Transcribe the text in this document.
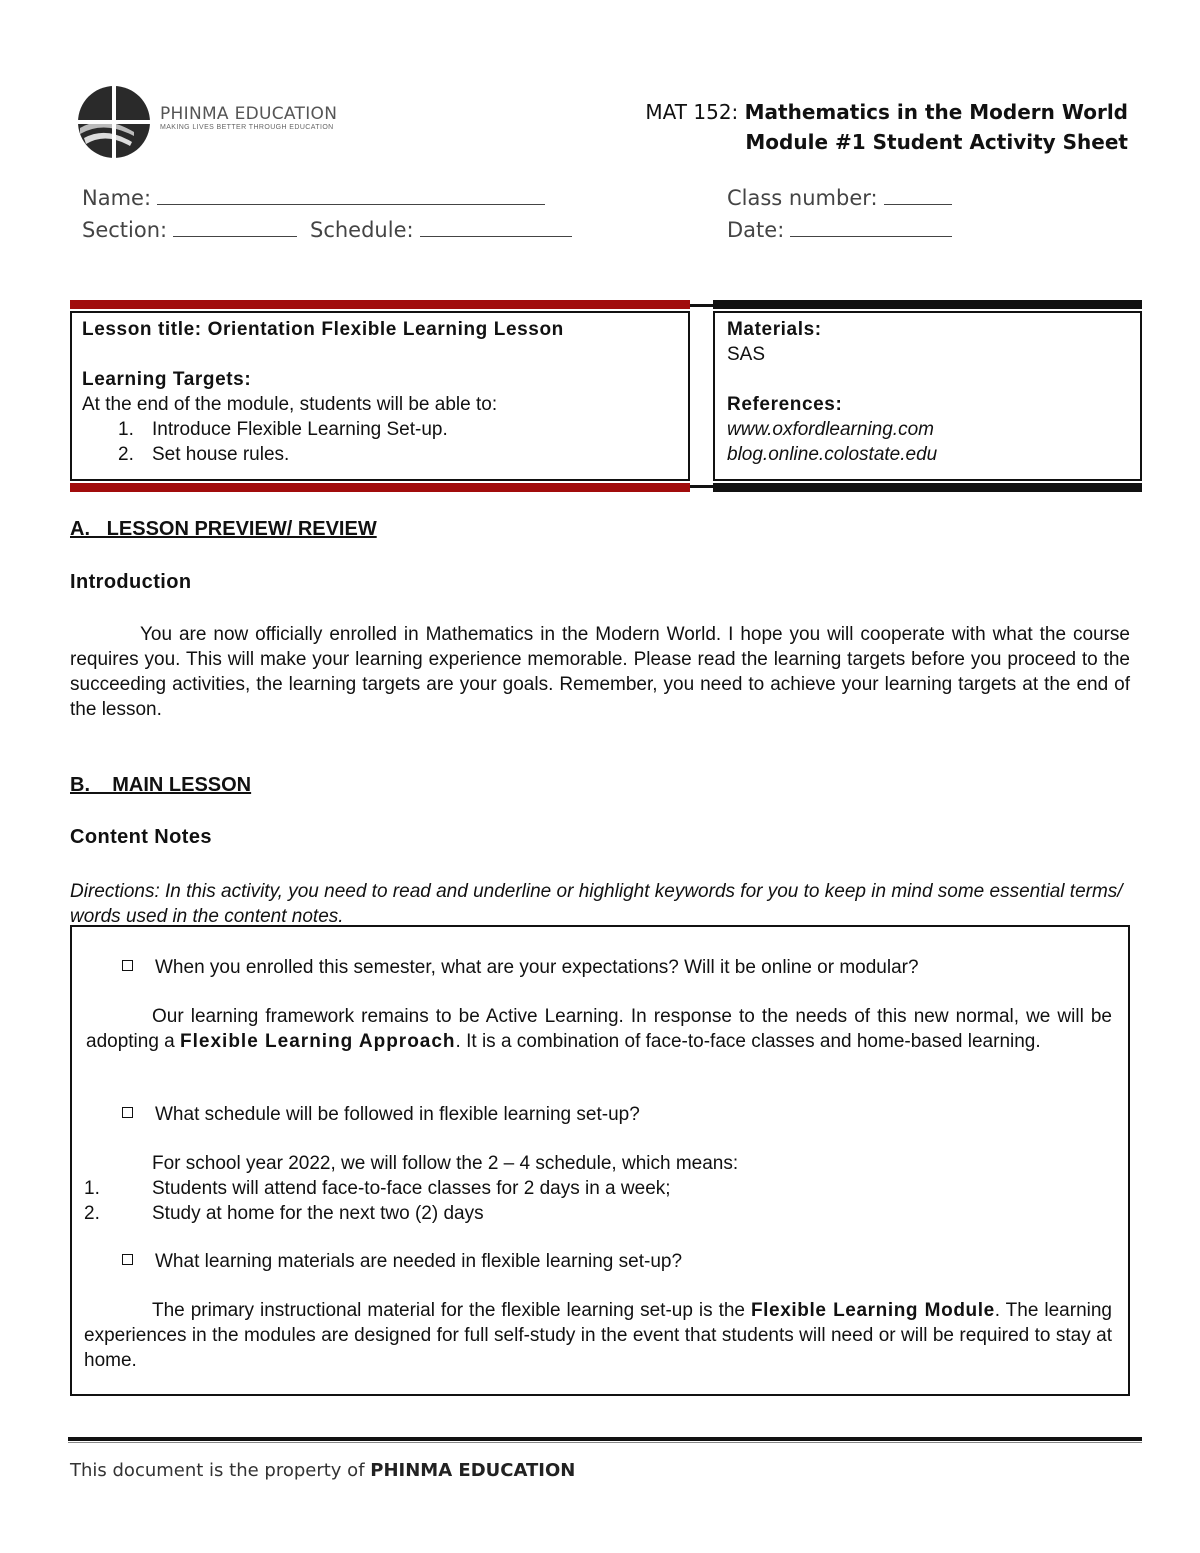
PHINMA EDUCATION
MAKING LIVES BETTER THROUGH EDUCATION
MAT 152: Mathematics in the Modern World
Module #1 Student Activity Sheet
Name:	Class number:
Section:	Schedule:	Date:
Lesson title: Orientation Flexible Learning Lesson
Learning Targets:
At the end of the module, students will be able to:
1. Introduce Flexible Learning Set-up.
2. Set house rules.
Materials:
SAS
References:
www.oxfordlearning.com
blog.online.colostate.edu
A.   LESSON PREVIEW/ REVIEW
Introduction
You are now officially enrolled in Mathematics in the Modern World. I hope you will cooperate with what the course requires you. This will make your learning experience memorable. Please read the learning targets before you proceed to the succeeding activities, the learning targets are your goals. Remember, you need to achieve your learning targets at the end of the lesson.
B.    MAIN LESSON
Content Notes
Directions: In this activity, you need to read and underline or highlight keywords for you to keep in mind some essential terms/ words used in the content notes.
When you enrolled this semester, what are your expectations? Will it be online or modular?
Our learning framework remains to be Active Learning. In response to the needs of this new normal, we will be adopting a Flexible Learning Approach. It is a combination of face-to-face classes and home-based learning.
What schedule will be followed in flexible learning set-up?
For school year 2022, we will follow the 2 – 4 schedule, which means:
1.	Students will attend face-to-face classes for 2 days in a week;
2.	Study at home for the next two (2) days
What learning materials are needed in flexible learning set-up?
The primary instructional material for the flexible learning set-up is the Flexible Learning Module. The learning experiences in the modules are designed for full self-study in the event that students will need or will be required to stay at home.
This document is the property of PHINMA EDUCATION
